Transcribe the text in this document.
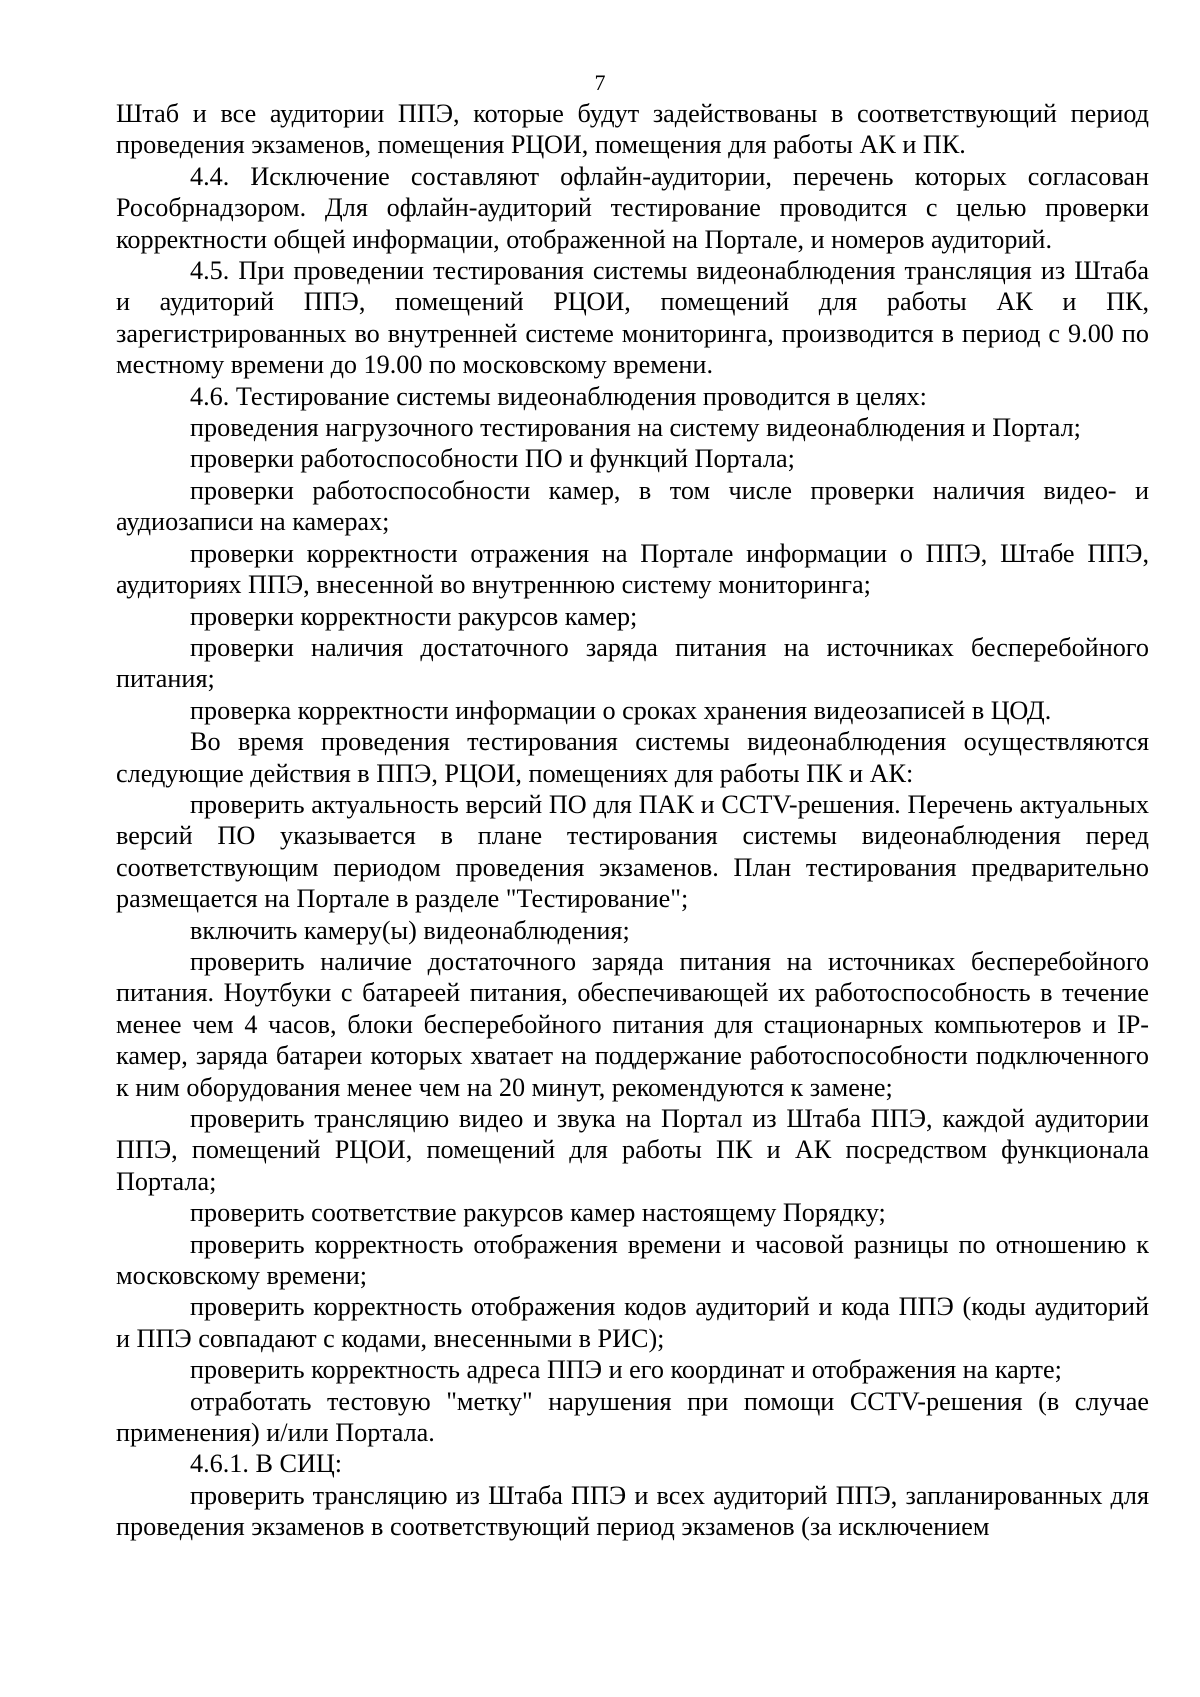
7

Штаб и все аудитории ППЭ, которые будут задействованы в соответствующий период проведения экзаменов, помещения РЦОИ, помещения для работы АК и ПК.

4.4. Исключение составляют офлайн-аудитории, перечень которых согласован Рособрнадзором. Для офлайн-аудиторий тестирование проводится с целью проверки корректности общей информации, отображенной на Портале, и номеров аудиторий.

4.5. При проведении тестирования системы видеонаблюдения трансляция из Штаба и аудиторий ППЭ, помещений РЦОИ, помещений для работы АК и ПК, зарегистрированных во внутренней системе мониторинга, производится в период с 9.00 по местному времени до 19.00 по московскому времени.

4.6. Тестирование системы видеонаблюдения проводится в целях:

проведения нагрузочного тестирования на систему видеонаблюдения и Портал;

проверки работоспособности ПО и функций Портала;

проверки работоспособности камер, в том числе проверки наличия видео- и аудиозаписи на камерах;

проверки корректности отражения на Портале информации о ППЭ, Штабе ППЭ, аудиториях ППЭ, внесенной во внутреннюю систему мониторинга;

проверки корректности ракурсов камер;

проверки наличия достаточного заряда питания на источниках бесперебойного питания;

проверка корректности информации о сроках хранения видеозаписей в ЦОД.

Во время проведения тестирования системы видеонаблюдения осуществляются следующие действия в ППЭ, РЦОИ, помещениях для работы ПК и АК:

проверить актуальность версий ПО для ПАК и CCTV-решения. Перечень актуальных версий ПО указывается в плане тестирования системы видеонаблюдения перед соответствующим периодом проведения экзаменов. План тестирования предварительно размещается на Портале в разделе "Тестирование";

включить камеру(ы) видеонаблюдения;

проверить наличие достаточного заряда питания на источниках бесперебойного питания. Ноутбуки с батареей питания, обеспечивающей их работоспособность в течение менее чем 4 часов, блоки бесперебойного питания для стационарных компьютеров и IP-камер, заряда батареи которых хватает на поддержание работоспособности подключенного к ним оборудования менее чем на 20 минут, рекомендуются к замене;

проверить трансляцию видео и звука на Портал из Штаба ППЭ, каждой аудитории ППЭ, помещений РЦОИ, помещений для работы ПК и АК посредством функционала Портала;

проверить соответствие ракурсов камер настоящему Порядку;

проверить корректность отображения времени и часовой разницы по отношению к московскому времени;

проверить корректность отображения кодов аудиторий и кода ППЭ (коды аудиторий и ППЭ совпадают с кодами, внесенными в РИС);

проверить корректность адреса ППЭ и его координат и отображения на карте;

отработать тестовую "метку" нарушения при помощи CCTV-решения (в случае применения) и/или Портала.

4.6.1. В СИЦ:

проверить трансляцию из Штаба ППЭ и всех аудиторий ППЭ, запланированных для проведения экзаменов в соответствующий период экзаменов (за исключением
